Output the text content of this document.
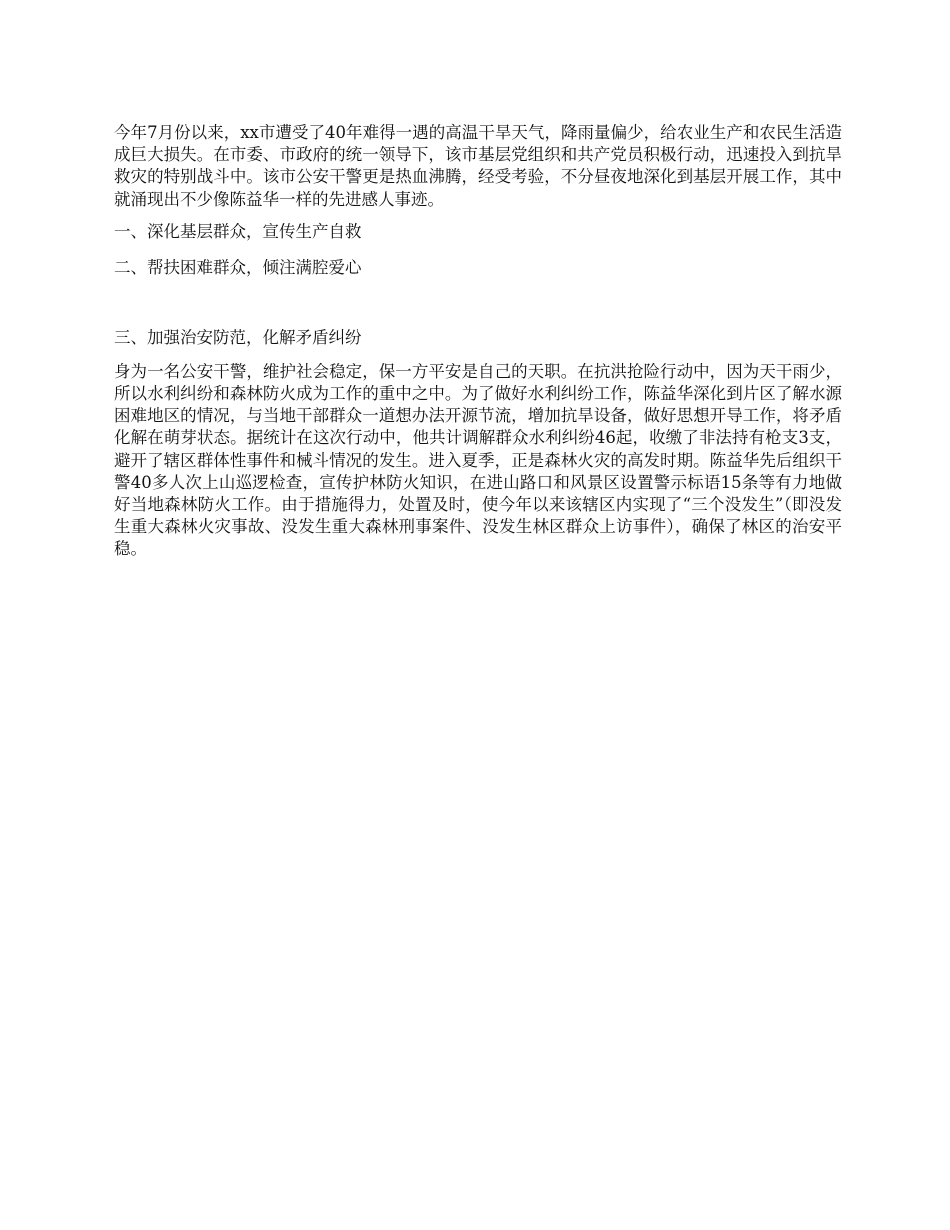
今年7月份以来，xx市遭受了40年难得一遇的高温干旱天气，降雨量偏少，给农业生产和农民生活造成巨大损失。在市委、市政府的统一领导下，该市基层党组织和共产党员积极行动，迅速投入到抗旱救灾的特别战斗中。该市公安干警更是热血沸腾，经受考验，不分昼夜地深化到基层开展工作，其中就涌现出不少像陈益华一样的先进感人事迹。

一、深化基层群众，宣传生产自救

二、帮扶困难群众，倾注满腔爱心

三、加强治安防范，化解矛盾纠纷

身为一名公安干警，维护社会稳定，保一方平安是自己的天职。在抗洪抢险行动中，因为天干雨少，所以水利纠纷和森林防火成为工作的重中之中。为了做好水利纠纷工作，陈益华深化到片区了解水源困难地区的情况，与当地干部群众一道想办法开源节流，增加抗旱设备，做好思想开导工作，将矛盾化解在萌芽状态。据统计在这次行动中，他共计调解群众水利纠纷46起，收缴了非法持有枪支3支，避开了辖区群体性事件和械斗情况的发生。进入夏季，正是森林火灾的高发时期。陈益华先后组织干警40多人次上山巡逻检查，宣传护林防火知识，在进山路口和风景区设置警示标语15条等有力地做好当地森林防火工作。由于措施得力，处置及时，使今年以来该辖区内实现了“三个没发生”（即没发生重大森林火灾事故、没发生重大森林刑事案件、没发生林区群众上访事件），确保了林区的治安平稳。
